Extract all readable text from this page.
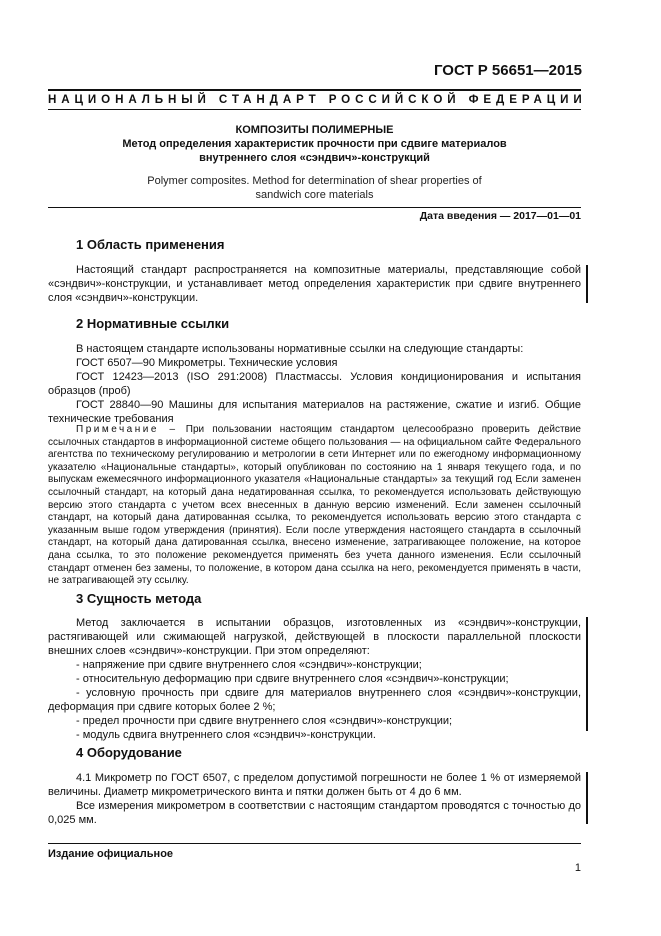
ГОСТ Р 56651—2015
НАЦИОНАЛЬНЫЙ СТАНДАРТ РОССИЙСКОЙ ФЕДЕРАЦИИ
КОМПОЗИТЫ ПОЛИМЕРНЫЕ
Метод определения характеристик прочности при сдвиге материалов
внутреннего слоя «сэндвич»-конструкций
Polymer composites. Method for determination of shear properties of
sandwich core materials
Дата введения — 2017—01—01
1 Область применения
Настоящий стандарт распространяется на композитные материалы, представляющие собой «сэндвич»-конструкции, и устанавливает метод определения характеристик при сдвиге внутреннего слоя «сэндвич»-конструкции.
2 Нормативные ссылки
В настоящем стандарте использованы нормативные ссылки на следующие стандарты:
ГОСТ 6507—90 Микрометры. Технические условия
ГОСТ 12423—2013 (ISO 291:2008) Пластмассы. Условия кондиционирования и испытания образцов (проб)
ГОСТ 28840—90 Машины для испытания материалов на растяжение, сжатие и изгиб. Общие технические требования
Примечание – При пользовании настоящим стандартом целесообразно проверить действие ссылочных стандартов в информационной системе общего пользования — на официальном сайте Федерального агентства по техническому регулированию и метрологии в сети Интернет или по ежегодному информационному указателю «Национальные стандарты», который опубликован по состоянию на 1 января текущего года, и по выпускам ежемесячного информационного указателя «Национальные стандарты» за текущий год Если заменен ссылочный стандарт, на который дана недатированная ссылка, то рекомендуется использовать действующую версию этого стандарта с учетом всех внесенных в данную версию изменений. Если заменен ссылочный стандарт, на который дана датированная ссылка, то рекомендуется использовать версию этого стандарта с указанным выше годом утверждения (принятия). Если после утверждения настоящего стандарта в ссылочный стандарт, на который дана датированная ссылка, внесено изменение, затрагивающее положение, на которое дана ссылка, то это положение рекомендуется применять без учета данного изменения. Если ссылочный стандарт отменен без замены, то положение, в котором дана ссылка на него, рекомендуется применять в части, не затрагивающей эту ссылку.
3 Сущность метода
Метод заключается в испытании образцов, изготовленных из «сэндвич»-конструкции, растягивающей или сжимающей нагрузкой, действующей в плоскости параллельной плоскости внешних слоев «сэндвич»-конструкции. При этом определяют:
- напряжение при сдвиге внутреннего слоя «сэндвич»-конструкции;
- относительную деформацию при сдвиге внутреннего слоя «сэндвич»-конструкции;
- условную прочность при сдвиге для материалов внутреннего слоя «сэндвич»-конструкции, деформация при сдвиге которых более 2 %;
- предел прочности при сдвиге внутреннего слоя «сэндвич»-конструкции;
- модуль сдвига внутреннего слоя «сэндвич»-конструкции.
4 Оборудование
4.1 Микрометр по ГОСТ 6507, с пределом допустимой погрешности не более 1 % от измеряемой величины. Диаметр микрометрического винта и пятки должен быть от 4 до 6 мм.
Все измерения микрометром в соответствии с настоящим стандартом проводятся с точностью до 0,025 мм.
Издание официальное
1
